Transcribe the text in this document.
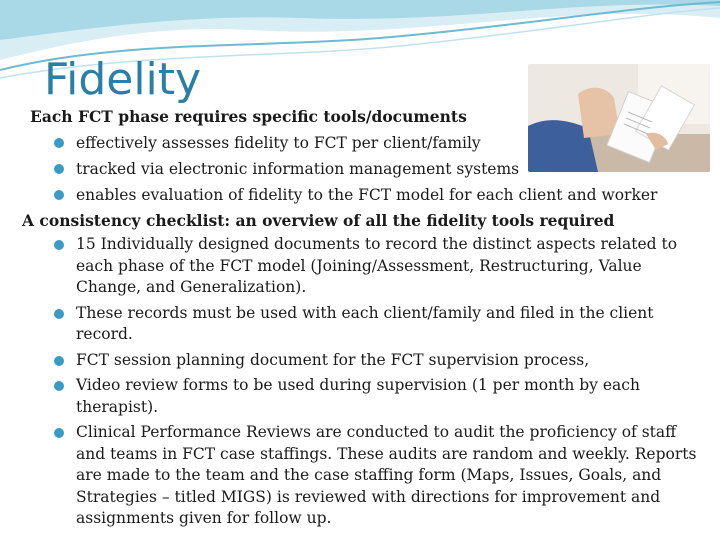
Fidelity

Each FCT phase requires specific tools/documents

effectively assesses fidelity to FCT per client/family
tracked via electronic information management systems
enables evaluation of fidelity to the FCT model for each client and worker

A consistency checklist: an overview of all the fidelity tools required

15 Individually designed documents to record the distinct aspects related to each phase of the FCT model (Joining/Assessment, Restructuring, Value Change, and Generalization).
These records must be used with each client/family and filed in the client record.
FCT session planning document for the FCT supervision process,
Video review forms to be used during supervision (1 per month by each therapist).
Clinical Performance Reviews are conducted to audit the proficiency of staff and teams in FCT case staffings. These audits are random and weekly. Reports are made to the team and the case staffing form (Maps, Issues, Goals, and Strategies – titled MIGS) is reviewed with directions for improvement and assignments given for follow up.
